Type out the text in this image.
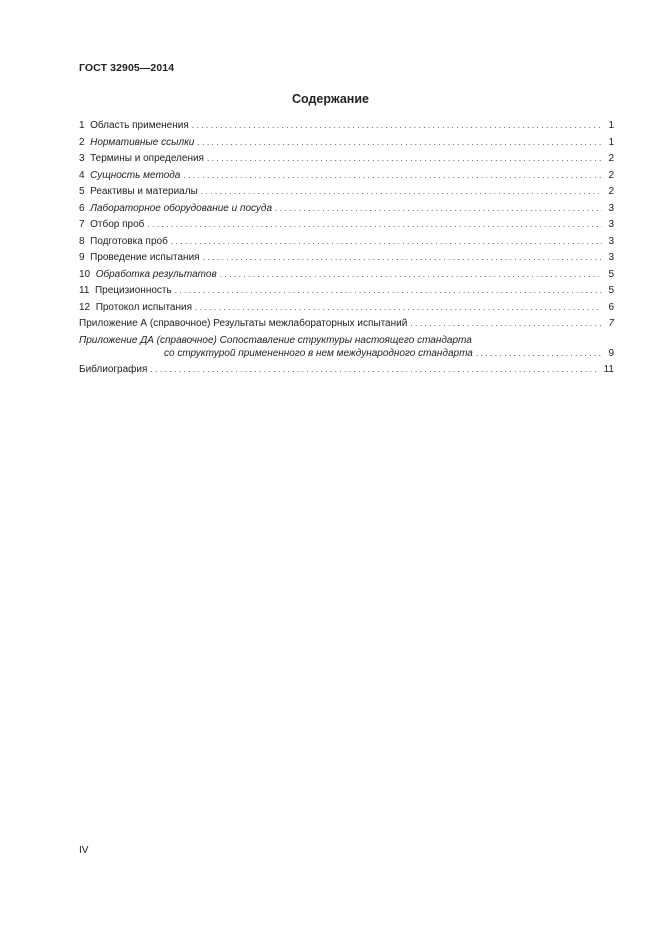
ГОСТ 32905—2014
Содержание
1 Область применения . . .	1
2 Нормативные ссылки . . .	1
3 Термины и определения . . .	2
4 Сущность метода . . .	2
5 Реактивы и материалы . . .	2
6 Лабораторное оборудование и посуда . . .	3
7 Отбор проб . . .	3
8 Подготовка проб . . .	3
9 Проведение испытания . . .	3
10 Обработка результатов . . .	5
11 Прецизионность . . .	5
12 Протокол испытания . . .	6
Приложение А (справочное) Результаты межлабораторных испытаний . . .	7
Приложение ДА (справочное) Сопоставление структуры настоящего стандарта
со структурой примененного в нем международного стандарта . . .	9
Библиография . . .	11
IV
